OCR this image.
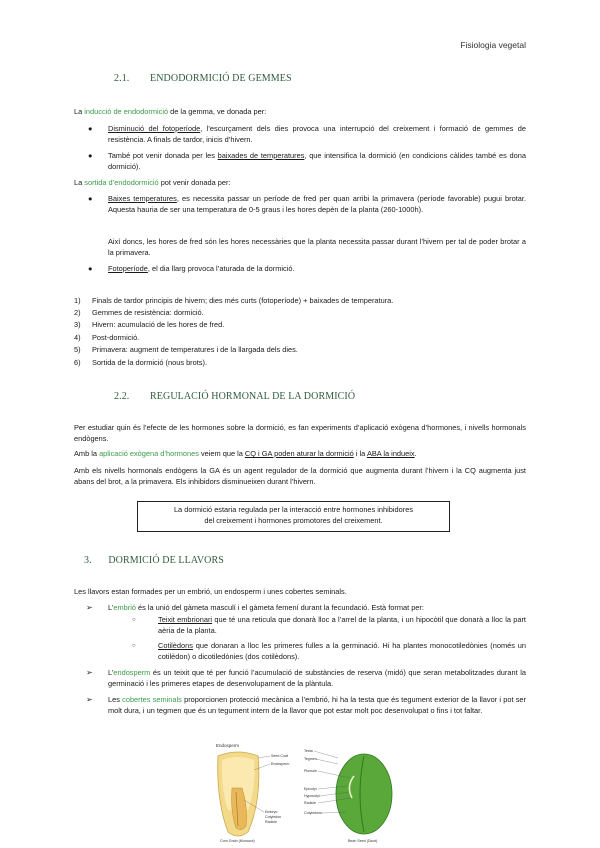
Fisiologia vegetal
2.1. ENDODORMICIÓ DE GEMMES
La inducció de endodormició de la gemma, ve donada per:
●	Disminució del fotoperíode, l’escurçament dels dies provoca una interrupció del creixement i formació de gemmes de resistència. A finals de tardor, inicis d’hivern.
●	També pot venir donada per les baixades de temperatures, que intensifica la dormició (en condicions càlides també es dona dormició).
La sortida d’endodormició pot venir donada per:
●	Baixes temperatures, es necessita passar un període de fred per quan arribi la primavera (període favorable) pugui brotar. Aquesta hauria de ser una temperatura de 0-5 graus i les hores depèn de la planta (260-1000h).
Així doncs, les hores de fred són les hores necessàries que la planta necessita passar durant l’hivern per tal de poder brotar a la primavera.
●	Fotoperíode, el dia llarg provoca l’aturada de la dormició.
1) Finals de tardor principis de hivern; dies més curts (fotoperíode) + baixades de temperatura.
2) Gemmes de resistència: dormició.
3) Hivern: acumulació de les hores de fred.
4) Post-dormició.
5) Primavera: augment de temperatures i de la llargada dels dies.
6) Sortida de la dormició (nous brots).
2.2. REGULACIÓ HORMONAL DE LA DORMICIÓ
Per estudiar quin és l’efecte de les hormones sobre la dormició, es fan experiments d’aplicació exògena d’hormones, i nivells hormonals endògens.
Amb la aplicació exògena d’hormones veiem que la CQ i GA poden aturar la dormició i la ABA la indueix.
Amb els nivells hormonals endògens la GA és un agent regulador de la dormició que augmenta durant l’hivern i la CQ augmenta just abans del brot, a la primavera. Els inhibidors disminueixen durant l’hivern.
La dormició estaria regulada per la interacció entre hormones inhibidores
del creixement i hormones promotores del creixement.
3. DORMICIÓ DE LLAVORS
Les llavors estan formades per un embrió, un endosperm i unes cobertes seminals.
➢ L’embrió és la unió del gàmeta masculí i el gàmeta femení durant la fecundació. Està format per:
○	Teixit embrionari que té una reticula que donarà lloc a l’arrel de la planta, i un hipocòtil que donarà a lloc la part aèria de la planta.
○	Cotilèdons que donaran a lloc les primeres fulles a la germinació. Hi ha plantes monocotiledònies (només un cotilèdon) o dicotiledònies (dos cotilèdons).
➢ L’endosperm és un teixit que té per funció l’acumulació de substàncies de reserva (midó) que seran metabolitzades durant la germinació i les primeres etapes de desenvolupament de la plàntula.
➢ Les cobertes seminals proporcionen protecció mecànica a l’embrió, hi ha la testa que és tegument exterior de la llavor i pot ser molt dura, i un tegmen que és un tegument intern de la llavor que pot estar molt poc desenvolupat o fins i tot faltar.
Endosperm
Seed Coat
Endosperm
Embryo
Cotyledon
Radicle
Corn Grain (Monocot)
Testa
Tegmen
Plumule
Epicotyl
Hypocotyl
Radicle
Cotyledons
Bean Seed (Dicot)
